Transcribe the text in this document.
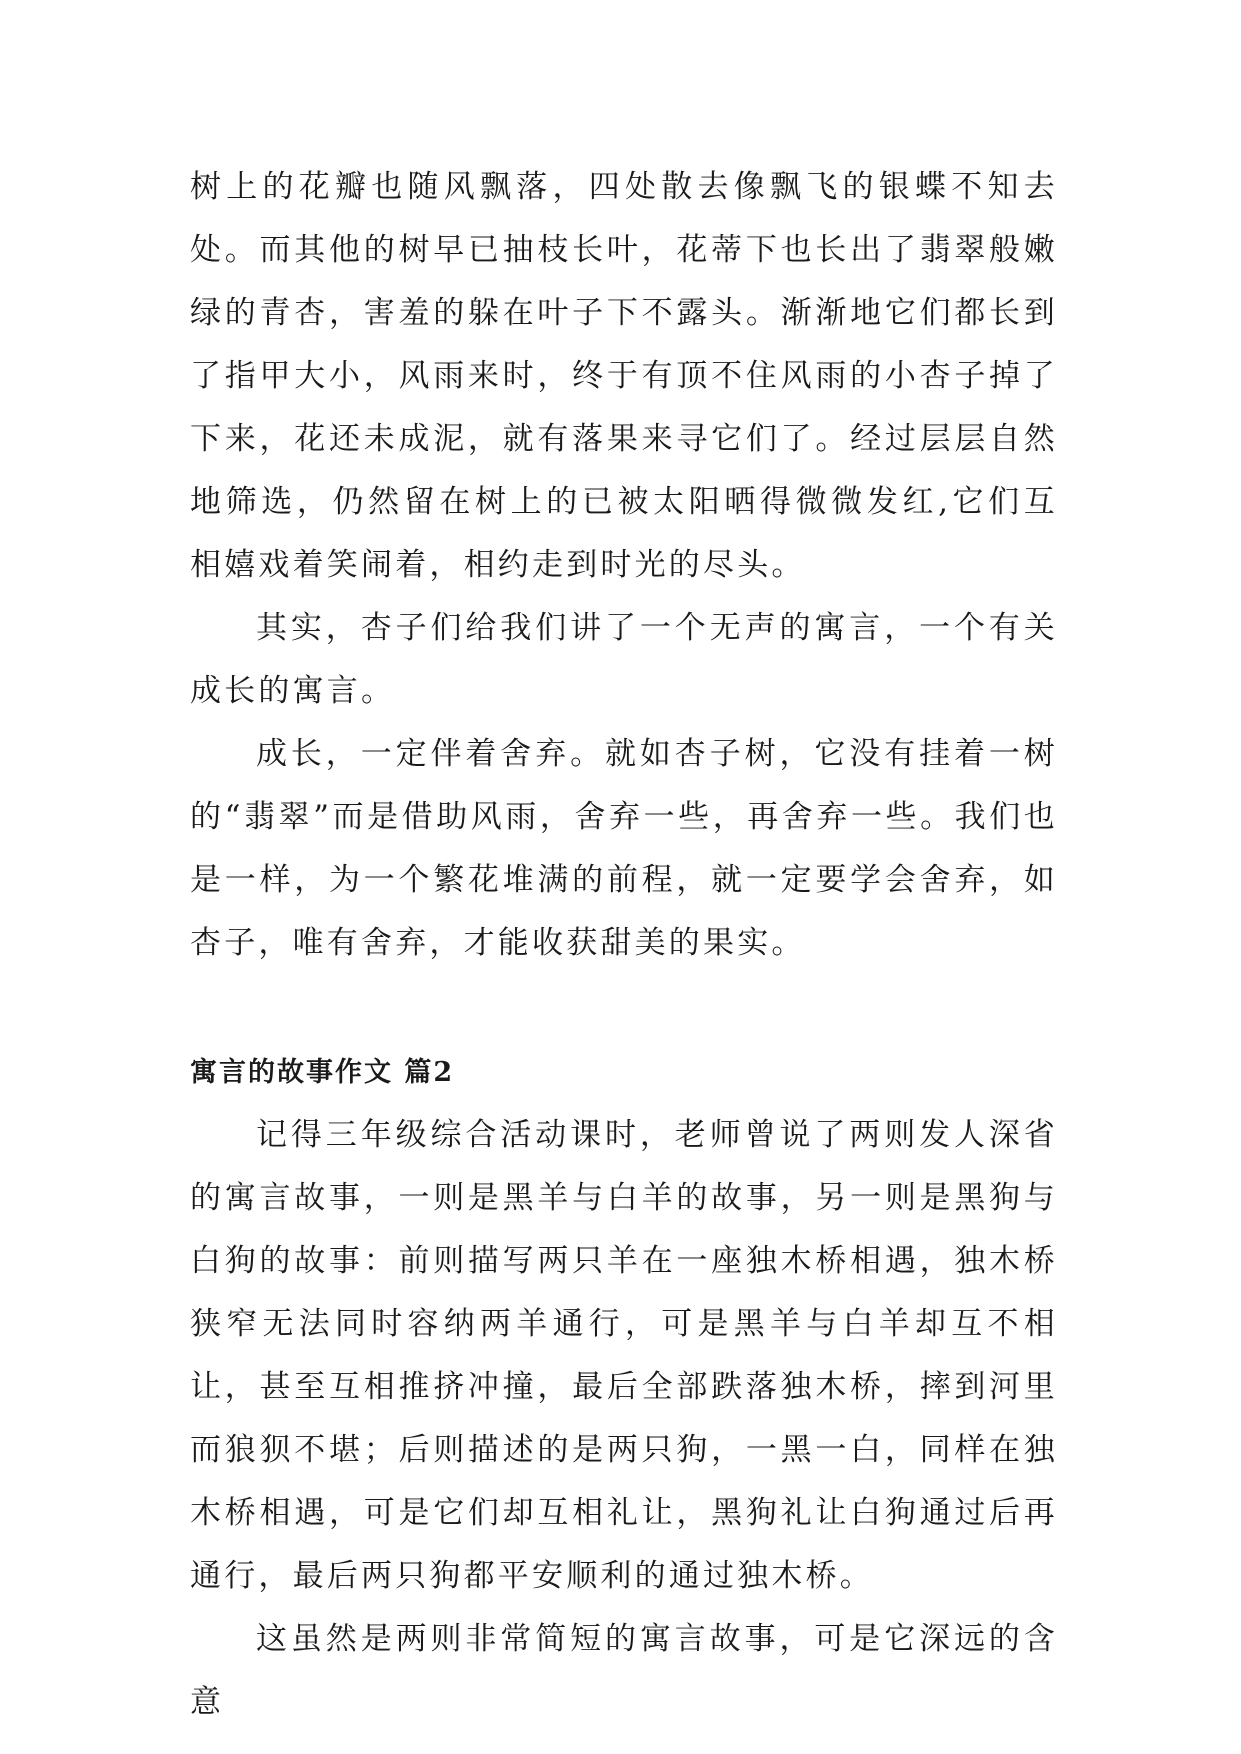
树上的花瓣也随风飘落，四处散去像飘飞的银蝶不知去处。而其他的树早已抽枝长叶，花蒂下也长出了翡翠般嫩绿的青杏，害羞的躲在叶子下不露头。渐渐地它们都长到了指甲大小，风雨来时，终于有顶不住风雨的小杏子掉了下来，花还未成泥，就有落果来寻它们了。经过层层自然地筛选，仍然留在树上的已被太阳晒得微微发红,它们互相嬉戏着笑闹着，相约走到时光的尽头。

其实，杏子们给我们讲了一个无声的寓言，一个有关成长的寓言。

成长，一定伴着舍弃。就如杏子树，它没有挂着一树的“翡翠”而是借助风雨，舍弃一些，再舍弃一些。我们也是一样，为一个繁花堆满的前程，就一定要学会舍弃，如杏子，唯有舍弃，才能收获甜美的果实。

寓言的故事作文 篇2

记得三年级综合活动课时，老师曾说了两则发人深省的寓言故事，一则是黑羊与白羊的故事，另一则是黑狗与白狗的故事：前则描写两只羊在一座独木桥相遇，独木桥狭窄无法同时容纳两羊通行，可是黑羊与白羊却互不相让，甚至互相推挤冲撞，最后全部跌落独木桥，摔到河里而狼狈不堪；后则描述的是两只狗，一黑一白，同样在独木桥相遇，可是它们却互相礼让，黑狗礼让白狗通过后再通行，最后两只狗都平安顺利的通过独木桥。

这虽然是两则非常简短的寓言故事，可是它深远的含意
